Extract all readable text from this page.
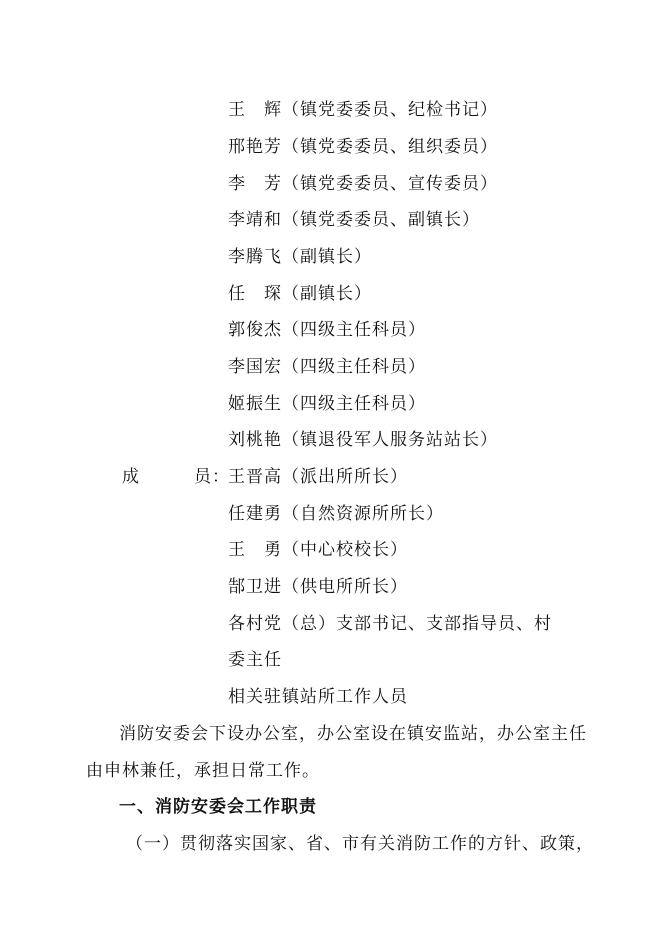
王　辉（镇党委委员、纪检书记）
邢艳芳（镇党委委员、组织委员）
李　芳（镇党委委员、宣传委员）
李靖和（镇党委委员、副镇长）
李腾飞（副镇长）
任　琛（副镇长）
郭俊杰（四级主任科员）
李国宏（四级主任科员）
姬振生（四级主任科员）
刘桃艳（镇退役军人服务站站长）
成　　　员：
王晋高（派出所所长）
任建勇（自然资源所所长）
王　勇（中心校校长）
郜卫进（供电所所长）
各村党（总）支部书记、支部指导员、村
委主任
相关驻镇站所工作人员
消防安委会下设办公室，办公室设在镇安监站，办公室主任
由申林兼任，承担日常工作。
一、消防安委会工作职责
（一）贯彻落实国家、省、市有关消防工作的方针、政策，
